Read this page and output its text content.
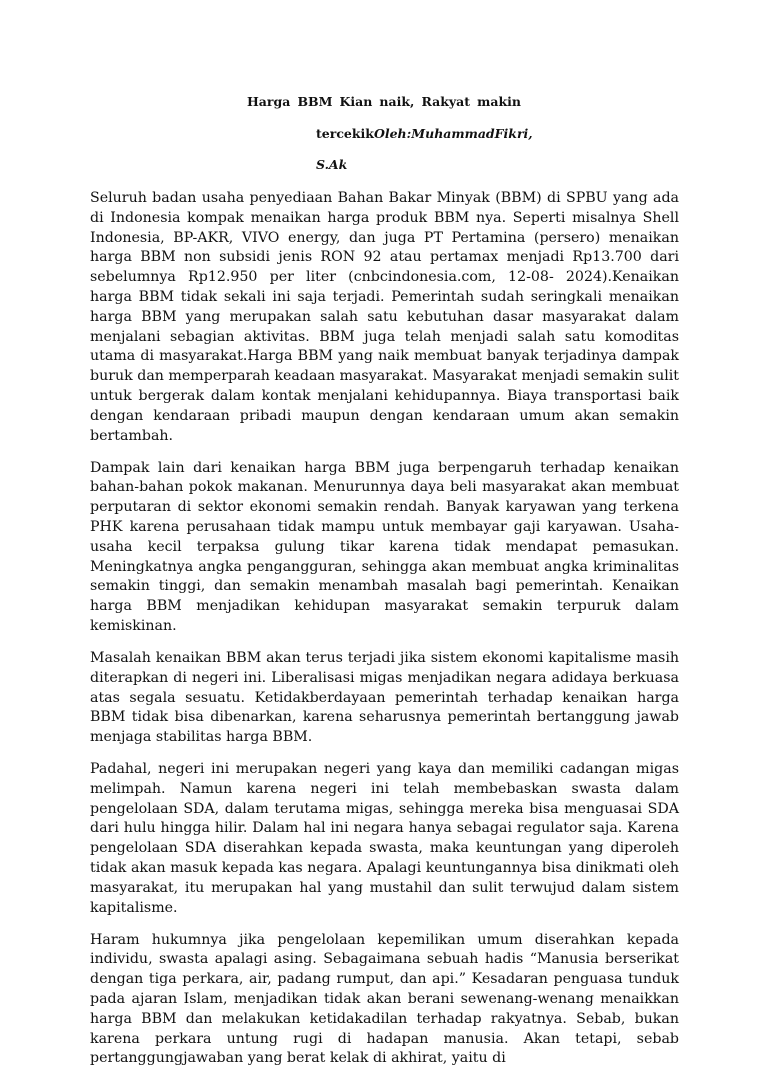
Harga BBM Kian naik, Rakyat makin
tercekik Oleh : Muhammad Fikri,
S.Ak

Seluruh badan usaha penyediaan Bahan Bakar Minyak (BBM) di SPBU yang ada di Indonesia kompak menaikan harga produk BBM nya. Seperti misalnya Shell Indonesia, BP-AKR, VIVO energy, dan juga PT Pertamina (persero) menaikan harga BBM non subsidi jenis RON 92 atau pertamax menjadi Rp13.700 dari sebelumnya Rp12.950 per liter (cnbcindonesia.com, 12-08- 2024).Kenaikan harga BBM tidak sekali ini saja terjadi. Pemerintah sudah seringkali menaikan harga BBM yang merupakan salah satu kebutuhan dasar masyarakat dalam menjalani sebagian aktivitas. BBM juga telah menjadi salah satu komoditas utama di masyarakat.Harga BBM yang naik membuat banyak terjadinya dampak buruk dan memperparah keadaan masyarakat. Masyarakat menjadi semakin sulit untuk bergerak dalam kontak menjalani kehidupannya. Biaya transportasi baik dengan kendaraan pribadi maupun dengan kendaraan umum akan semakin bertambah.

Dampak lain dari kenaikan harga BBM juga berpengaruh terhadap kenaikan bahan-bahan pokok makanan. Menurunnya daya beli masyarakat akan membuat perputaran di sektor ekonomi semakin rendah. Banyak karyawan yang terkena PHK karena perusahaan tidak mampu untuk membayar gaji karyawan. Usaha-usaha kecil terpaksa gulung tikar karena tidak mendapat pemasukan. Meningkatnya angka pengangguran, sehingga akan membuat angka kriminalitas semakin tinggi, dan semakin menambah masalah bagi pemerintah. Kenaikan harga BBM menjadikan kehidupan masyarakat semakin terpuruk dalam kemiskinan.

Masalah kenaikan BBM akan terus terjadi jika sistem ekonomi kapitalisme masih diterapkan di negeri ini. Liberalisasi migas menjadikan negara adidaya berkuasa atas segala sesuatu. Ketidakberdayaan pemerintah terhadap kenaikan harga BBM tidak bisa dibenarkan, karena seharusnya pemerintah bertanggung jawab menjaga stabilitas harga BBM.

Padahal, negeri ini merupakan negeri yang kaya dan memiliki cadangan migas melimpah. Namun karena negeri ini telah membebaskan swasta dalam pengelolaan SDA, dalam terutama migas, sehingga mereka bisa menguasai SDA dari hulu hingga hilir. Dalam hal ini negara hanya sebagai regulator saja. Karena pengelolaan SDA diserahkan kepada swasta, maka keuntungan yang diperoleh tidak akan masuk kepada kas negara. Apalagi keuntungannya bisa dinikmati oleh masyarakat, itu merupakan hal yang mustahil dan sulit terwujud dalam sistem kapitalisme.

Haram hukumnya jika pengelolaan kepemilikan umum diserahkan kepada individu, swasta apalagi asing. Sebagaimana sebuah hadis “Manusia berserikat dengan tiga perkara, air, padang rumput, dan api.” Kesadaran penguasa tunduk pada ajaran Islam, menjadikan tidak akan berani sewenang-wenang menaikkan harga BBM dan melakukan ketidakadilan terhadap rakyatnya. Sebab, bukan karena perkara untung rugi di hadapan manusia. Akan tetapi, sebab pertanggungjawaban yang berat kelak di akhirat, yaitu di
